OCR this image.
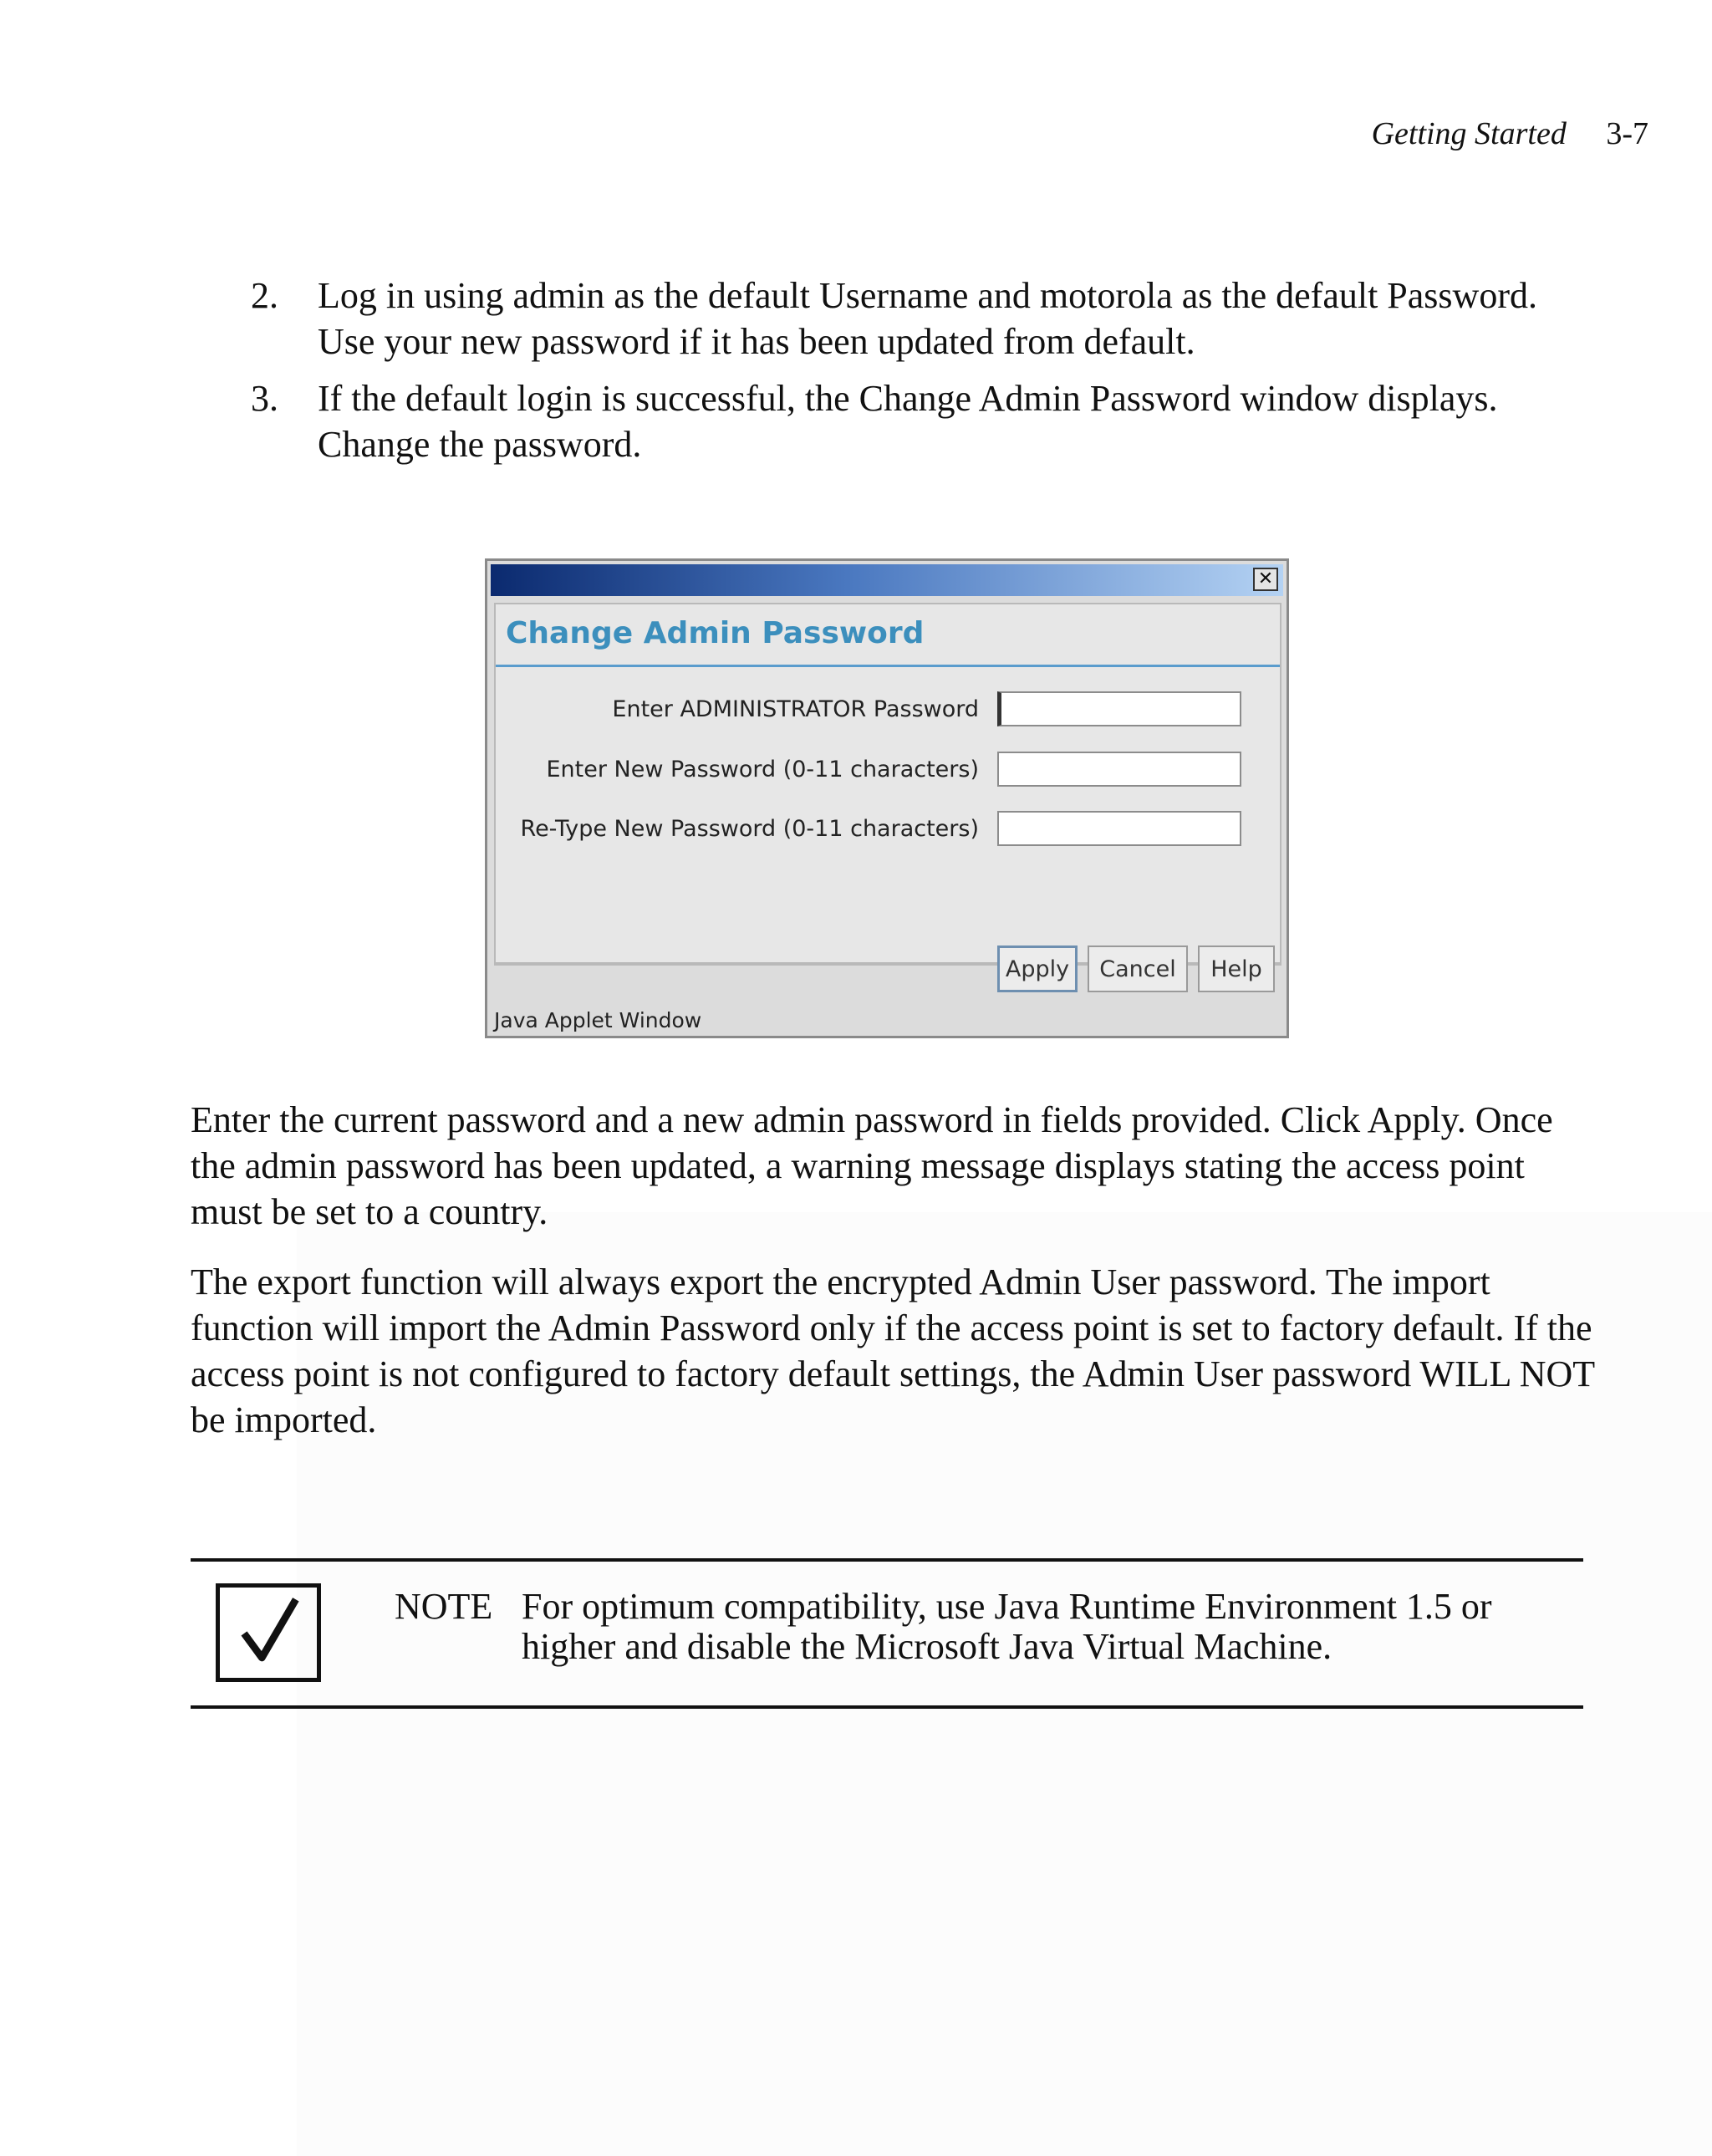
Getting Started 3-7
2. Log in using admin as the default Username and motorola as the default Password. Use your new password if it has been updated from default.
3. If the default login is successful, the Change Admin Password window displays. Change the password.
✕
Change Admin Password
Enter ADMINISTRATOR Password
Enter New Password (0-11 characters)
Re-Type New Password (0-11 characters)
Apply	Cancel	Help
Java Applet Window

Enter the current password and a new admin password in fields provided. Click Apply. Once the admin password has been updated, a warning message displays stating the access point must be set to a country.

The export function will always export the encrypted Admin User password. The import function will import the Admin Password only if the access point is set to factory default. If the access point is not configured to factory default settings, the Admin User password WILL NOT be imported.

NOTE For optimum compatibility, use Java Runtime Environment 1.5 or higher and disable the Microsoft Java Virtual Machine.
